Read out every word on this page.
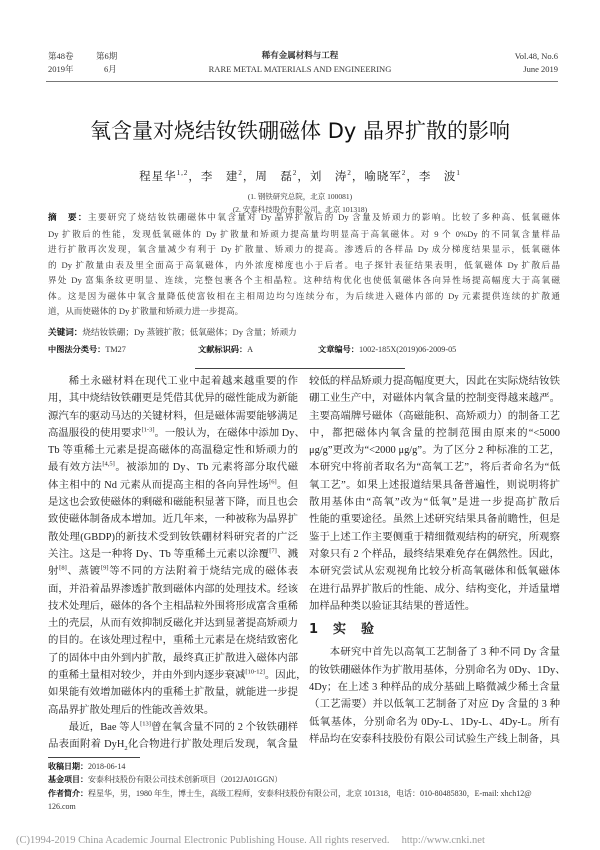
第48卷	第6期
2019年	6月
稀有金属材料与工程
RARE METAL MATERIALS AND ENGINEERING
Vol.48, No.6
June 2019
氧含量对烧结钕铁硼磁体 Dy 晶界扩散的影响
程星华$^{1,2}$，李　建$^2$，周　磊$^2$，刘　涛$^2$，喻晓军$^2$，李　波$^1$
(1. 钢铁研究总院，北京 100081)
(2. 安泰科技股份有限公司，北京 101318)
摘　要：主要研究了烧结钕铁硼磁体中氧含量对 Dy 晶界扩散后的 Dy 含量及矫顽力的影响。比较了多种高、低氧磁体
Dy 扩散后的性能，发现低氧磁体的 Dy 扩散量和矫顽力提高量均明显高于高氧磁体。对 9 个 0%Dy 的不同氧含量样品
进行扩散再次发现，氧含量减少有利于 Dy 扩散量、矫顽力的提高。渗透后的各样品 Dy 成分梯度结果显示，低氧磁体
的 Dy 扩散量由表及里全面高于高氧磁体，内外浓度梯度也小于后者。电子探针表征结果表明，低氧磁体 Dy 扩散后晶
界处 Dy 富集条纹更明显、连续，完整包裹各个主相晶粒。这种结构优化也使低氧磁体各向异性场提高幅度大于高氧磁
体。这是因为磁体中氧含量降低使富钕相在主相周边均匀连续分布，为后续进入磁体内部的 Dy 元素提供连续的扩散通
道，从而使磁体的 Dy 扩散量和矫顽力进一步提高。
关键词：烧结钕铁硼；Dy 蒸镀扩散；低氧磁体；Dy 含量；矫顽力
中图法分类号：TM27	文献标识码：A	文章编号：1002-185X(2019)06-2009-05
稀土永磁材料在现代工业中起着越来越重要的作
用，其中烧结钕铁硼更是凭借其优异的磁性能成为新能
源汽车的驱动马达的关键材料，但是磁体需要能够满足
高温服役的使用要求[1-3]。一般认为，在磁体中添加 Dy、
Tb 等重稀土元素是提高磁体的高温稳定性和矫顽力的
最有效方法[4,5]。被添加的 Dy、Tb 元素将部分取代磁
体主相中的 Nd 元素从而提高主相的各向异性场[6]。但
是这也会致使磁体的剩磁和磁能积显著下降，而且也会
致使磁体制备成本增加。近几年来，一种被称为晶界扩
散处理(GBDP)的新技术受到钕铁硼材料研究者的广泛
关注。这是一种将 Dy、Tb 等重稀土元素以涂覆[7]、溅
射[8]、蒸镀[9]等不同的方法附着于烧结完成的磁体表
面，并沿着晶界渗透扩散到磁体内部的处理技术。经该
技术处理后，磁体的各个主相晶粒外围将形成富含重稀
土的壳层，从而有效抑制反磁化并达到显著提高矫顽力
的目的。在该处理过程中，重稀土元素是在烧结致密化
了的固体中由外到内扩散，最终真正扩散进入磁体内部
的重稀土量相对较少，并由外到内逐步衰减[10-12]。因此，
如果能有效增加磁体内的重稀土扩散量，就能进一步提
高晶界扩散处理后的性能改善效果。
最近，Bae 等人[13]曾在氧含量不同的 2 个钕铁硼样
品表面附着 DyH$_2$化合物进行扩散处理后发现，氧含量
较低的样品矫顽力提高幅度更大，因此在实际烧结钕铁
硼工业生产中，对磁体内氧含量的控制变得越来越严。
主要高端牌号磁体（高磁能积、高矫顽力）的制备工艺
中，都把磁体内氧含量的控制范围由原来的“<5000
μg/g”更改为“<2000 μg/g”。为了区分 2 种标准的工艺，
本研究中将前者取名为“高氧工艺”，将后者命名为“低
氧工艺”。如果上述报道结果具备普遍性，则说明将扩
散用基体由“高氧”改为“低氧”是进一步提高扩散后
性能的重要途径。虽然上述研究结果具备前瞻性，但是
鉴于上述工作主要侧重于精细微观结构的研究，所观察
对象只有 2 个样品，最终结果难免存在偶然性。因此，
本研究尝试从宏观视角比较分析高氧磁体和低氧磁体
在进行晶界扩散后的性能、成分、结构变化，并适量增
加样品种类以验证其结果的普适性。
1　实　验
本研究中首先以高氧工艺制备了 3 种不同 Dy 含量
的钕铁硼磁体作为扩散用基体，分别命名为 0Dy、1Dy、
4Dy；在上述 3 种样品的成分基础上略微减少稀土含量
（工艺需要）并以低氧工艺制备了对应 Dy 含量的 3 种
低氧基体，分别命名为 0Dy-L、1Dy-L、4Dy-L。所有
样品均在安泰科技股份有限公司试验生产线上制备，具
收稿日期：2018-06-14
基金项目：安泰科技股份有限公司技术创新项目（2012JA01GGN）
作者简介：程星华，男，1980 年生，博士生，高级工程师，安泰科技股份有限公司，北京 101318，电话：010-80485830，E-mail: xhch12@
126.com
(C)1994-2019 China Academic Journal Electronic Publishing House. All rights reserved. http://www.cnki.net
